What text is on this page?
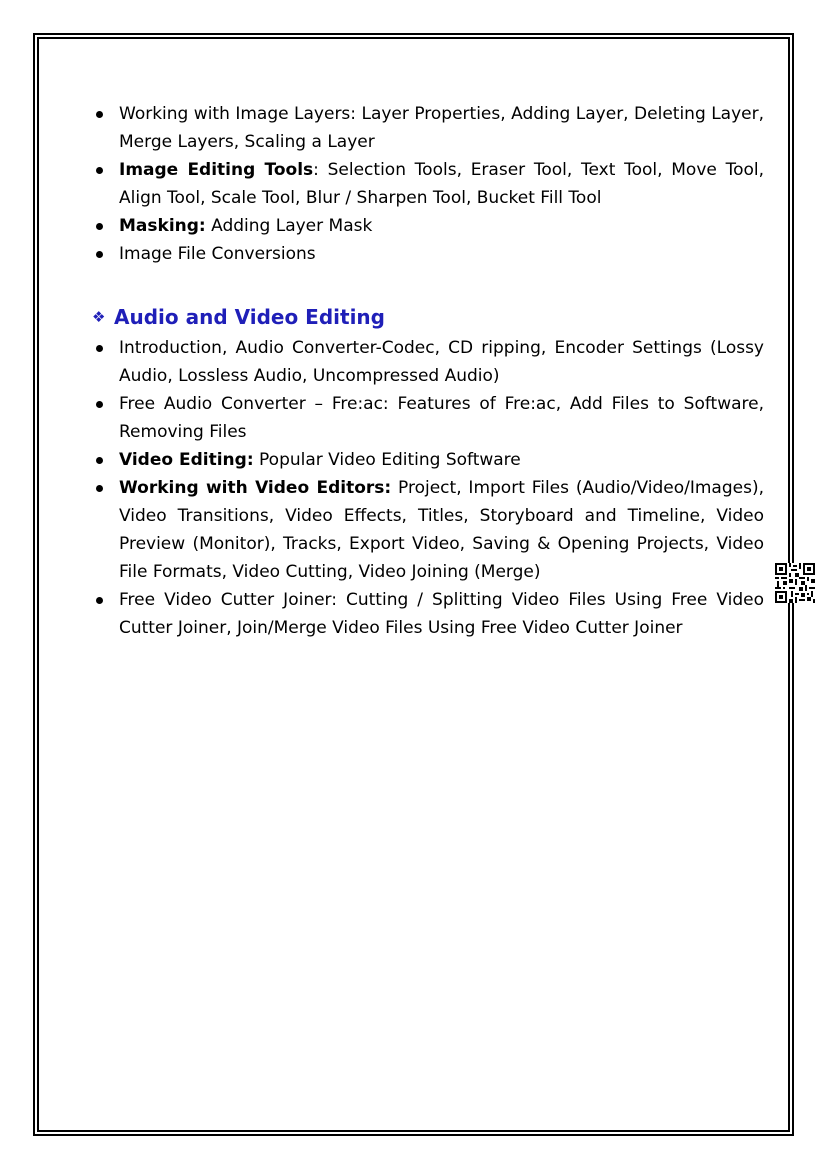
Working with Image Layers: Layer Properties, Adding Layer, Deleting Layer, Merge Layers, Scaling a Layer
Image Editing Tools: Selection Tools, Eraser Tool, Text Tool, Move Tool, Align Tool, Scale Tool, Blur / Sharpen Tool, Bucket Fill Tool
Masking: Adding Layer Mask
Image File Conversions
❖ Audio and Video Editing
Introduction, Audio Converter-Codec, CD ripping, Encoder Settings (Lossy Audio, Lossless Audio, Uncompressed Audio)
Free Audio Converter – Fre:ac: Features of Fre:ac, Add Files to Software, Removing Files
Video Editing: Popular Video Editing Software
Working with Video Editors: Project, Import Files (Audio/Video/Images), Video Transitions, Video Effects, Titles, Storyboard and Timeline, Video Preview (Monitor), Tracks, Export Video, Saving & Opening Projects, Video File Formats, Video Cutting, Video Joining (Merge)
Free Video Cutter Joiner: Cutting / Splitting Video Files Using Free Video Cutter Joiner, Join/Merge Video Files Using Free Video Cutter Joiner
